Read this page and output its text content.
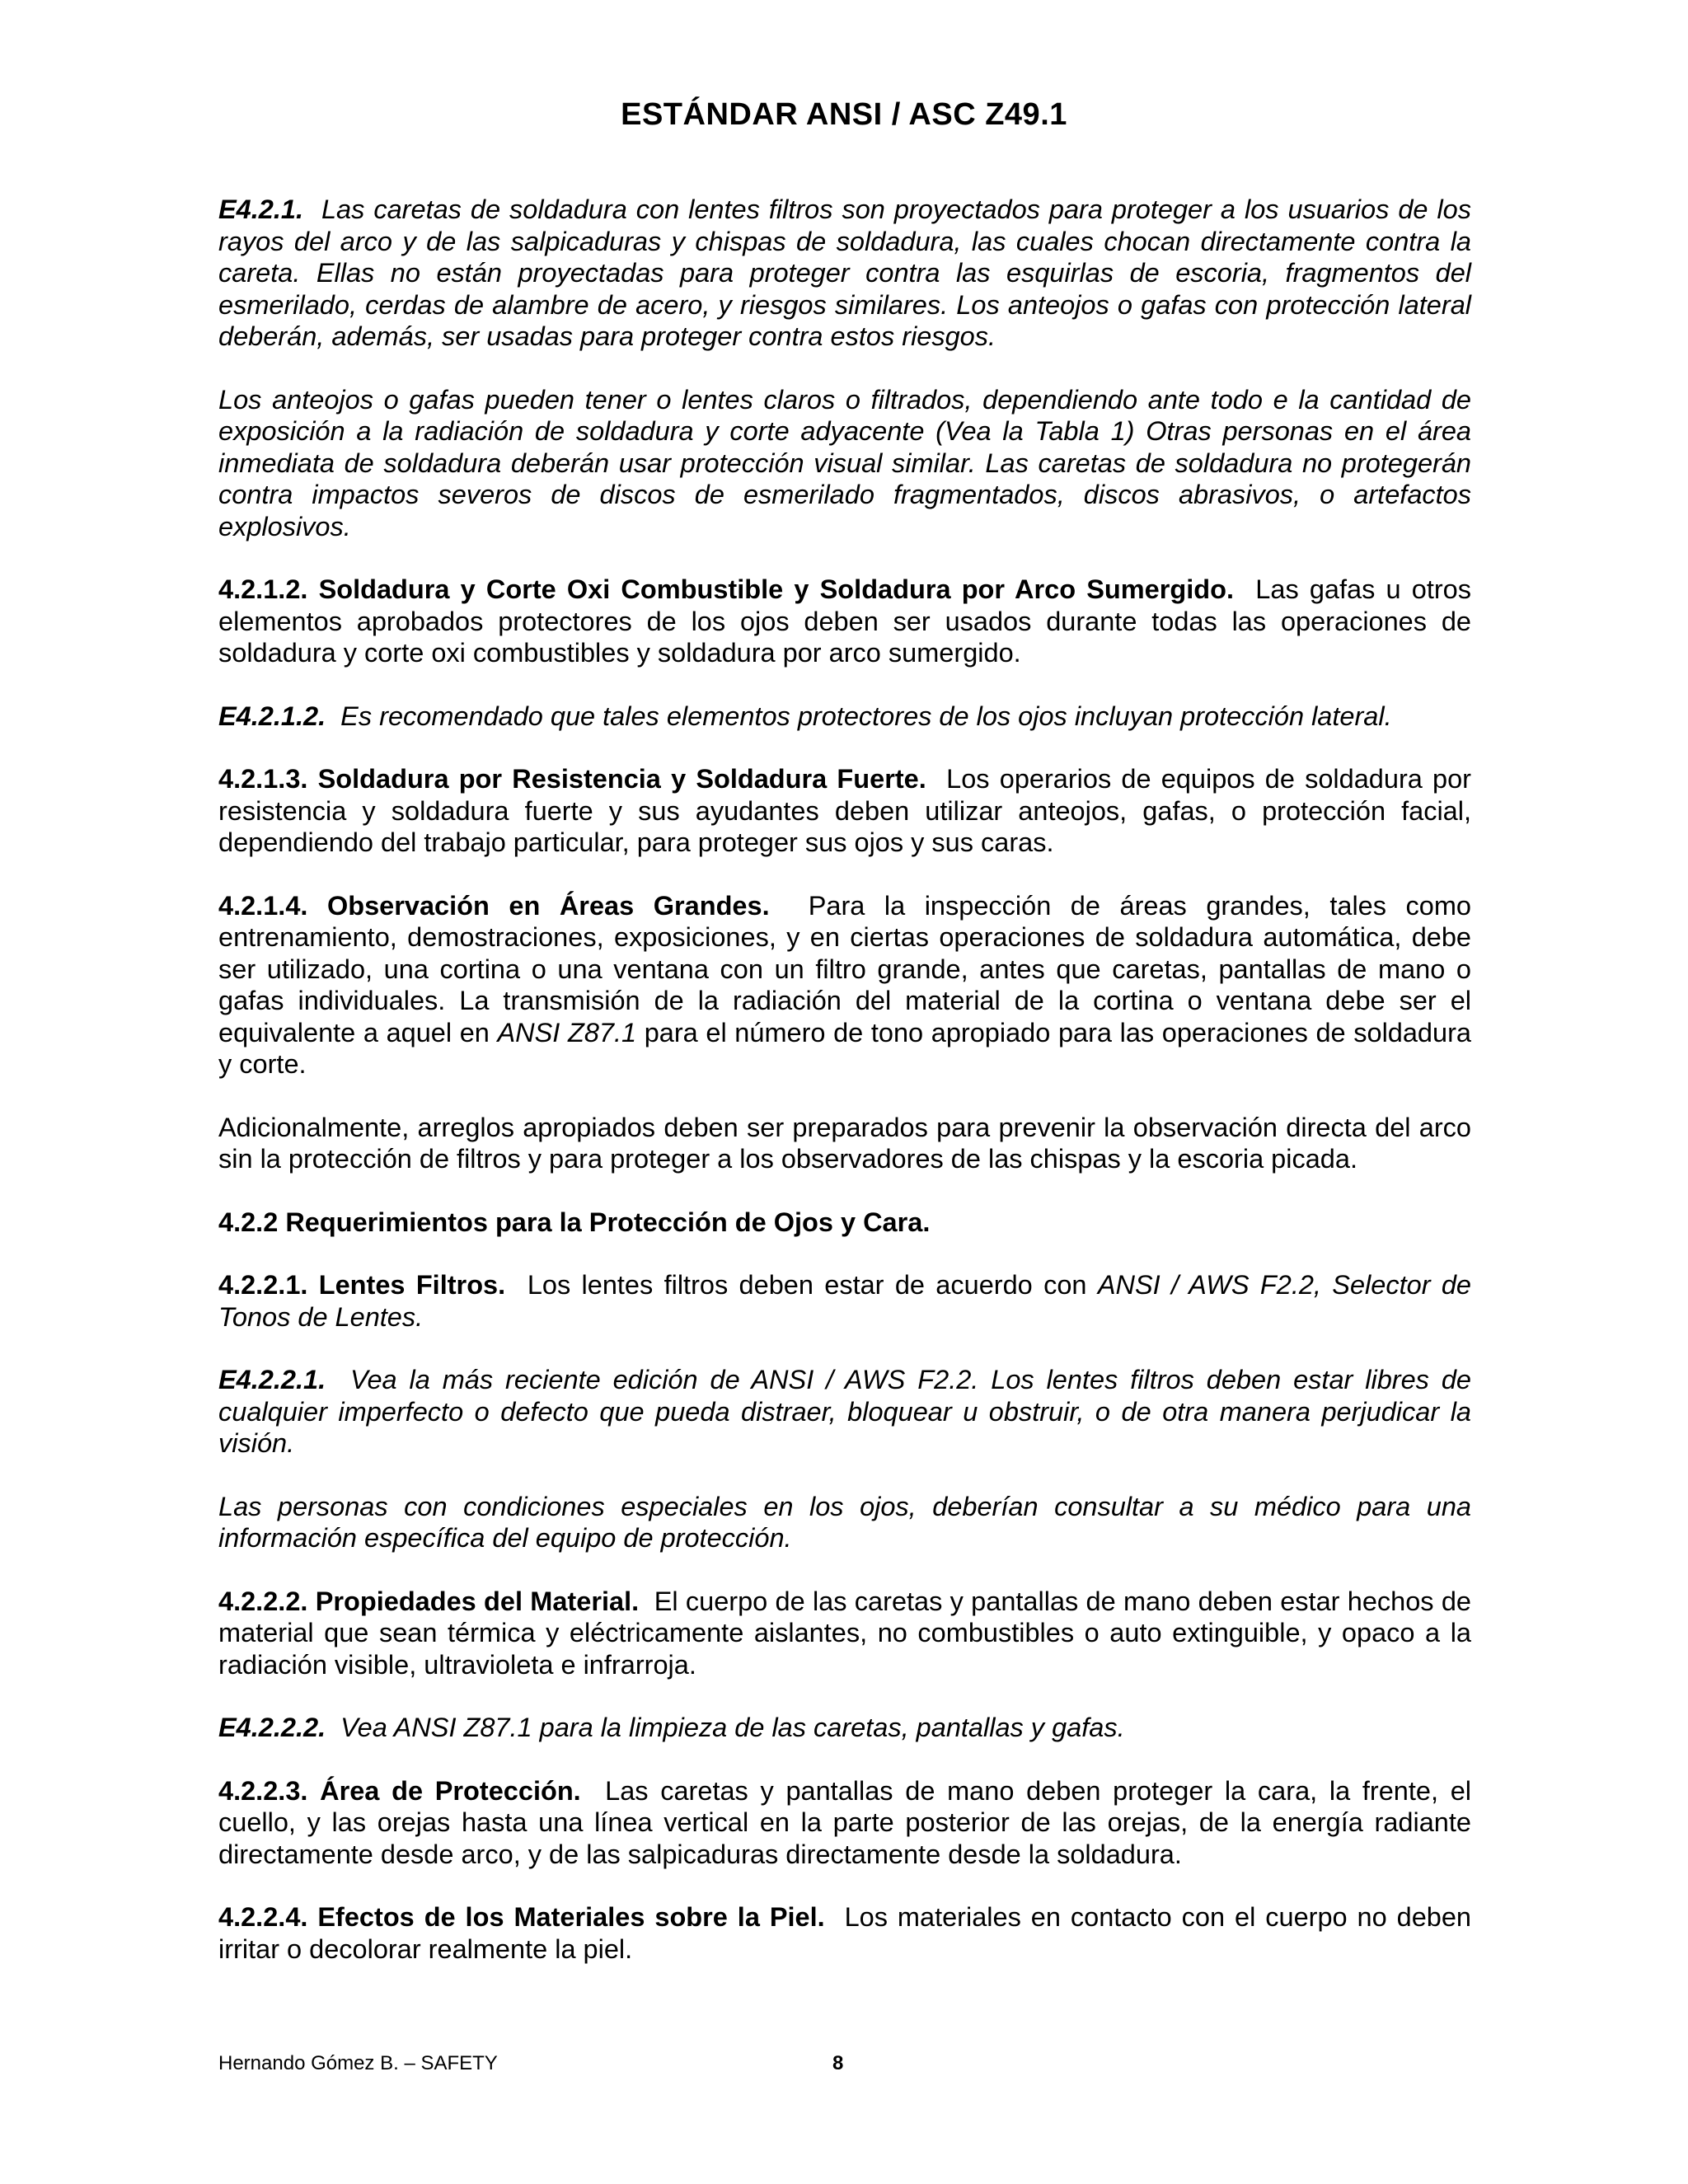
ESTÁNDAR ANSI / ASC Z49.1

E4.2.1. Las caretas de soldadura con lentes filtros son proyectados para proteger a los usuarios de los rayos del arco y de las salpicaduras y chispas de soldadura, las cuales chocan directamente contra la careta. Ellas no están proyectadas para proteger contra las esquirlas de escoria, fragmentos del esmerilado, cerdas de alambre de acero, y riesgos similares. Los anteojos o gafas con protección lateral deberán, además, ser usadas para proteger contra estos riesgos.

Los anteojos o gafas pueden tener o lentes claros o filtrados, dependiendo ante todo e la cantidad de exposición a la radiación de soldadura y corte adyacente (Vea la Tabla 1) Otras personas en el área inmediata de soldadura deberán usar protección visual similar. Las caretas de soldadura no protegerán contra impactos severos de discos de esmerilado fragmentados, discos abrasivos, o artefactos explosivos.

4.2.1.2. Soldadura y Corte Oxi Combustible y Soldadura por Arco Sumergido. Las gafas u otros elementos aprobados protectores de los ojos deben ser usados durante todas las operaciones de soldadura y corte oxi combustibles y soldadura por arco sumergido.

E4.2.1.2. Es recomendado que tales elementos protectores de los ojos incluyan protección lateral.

4.2.1.3. Soldadura por Resistencia y Soldadura Fuerte. Los operarios de equipos de soldadura por resistencia y soldadura fuerte y sus ayudantes deben utilizar anteojos, gafas, o protección facial, dependiendo del trabajo particular, para proteger sus ojos y sus caras.

4.2.1.4. Observación en Áreas Grandes. Para la inspección de áreas grandes, tales como entrenamiento, demostraciones, exposiciones, y en ciertas operaciones de soldadura automática, debe ser utilizado, una cortina o una ventana con un filtro grande, antes que caretas, pantallas de mano o gafas individuales. La transmisión de la radiación del material de la cortina o ventana debe ser el equivalente a aquel en ANSI Z87.1 para el número de tono apropiado para las operaciones de soldadura y corte.

Adicionalmente, arreglos apropiados deben ser preparados para prevenir la observación directa del arco sin la protección de filtros y para proteger a los observadores de las chispas y la escoria picada.

4.2.2 Requerimientos para la Protección de Ojos y Cara.

4.2.2.1. Lentes Filtros. Los lentes filtros deben estar de acuerdo con ANSI / AWS F2.2, Selector de Tonos de Lentes.

E4.2.2.1. Vea la más reciente edición de ANSI / AWS F2.2. Los lentes filtros deben estar libres de cualquier imperfecto o defecto que pueda distraer, bloquear u obstruir, o de otra manera perjudicar la visión.

Las personas con condiciones especiales en los ojos, deberían consultar a su médico para una información específica del equipo de protección.

4.2.2.2. Propiedades del Material. El cuerpo de las caretas y pantallas de mano deben estar hechos de material que sean térmica y eléctricamente aislantes, no combustibles o auto extinguible, y opaco a la radiación visible, ultravioleta e infrarroja.

E4.2.2.2. Vea ANSI Z87.1 para la limpieza de las caretas, pantallas y gafas.

4.2.2.3. Área de Protección. Las caretas y pantallas de mano deben proteger la cara, la frente, el cuello, y las orejas hasta una línea vertical en la parte posterior de las orejas, de la energía radiante directamente desde arco, y de las salpicaduras directamente desde la soldadura.

4.2.2.4. Efectos de los Materiales sobre la Piel. Los materiales en contacto con el cuerpo no deben irritar o decolorar realmente la piel.

Hernando Gómez B. – SAFETY	8
